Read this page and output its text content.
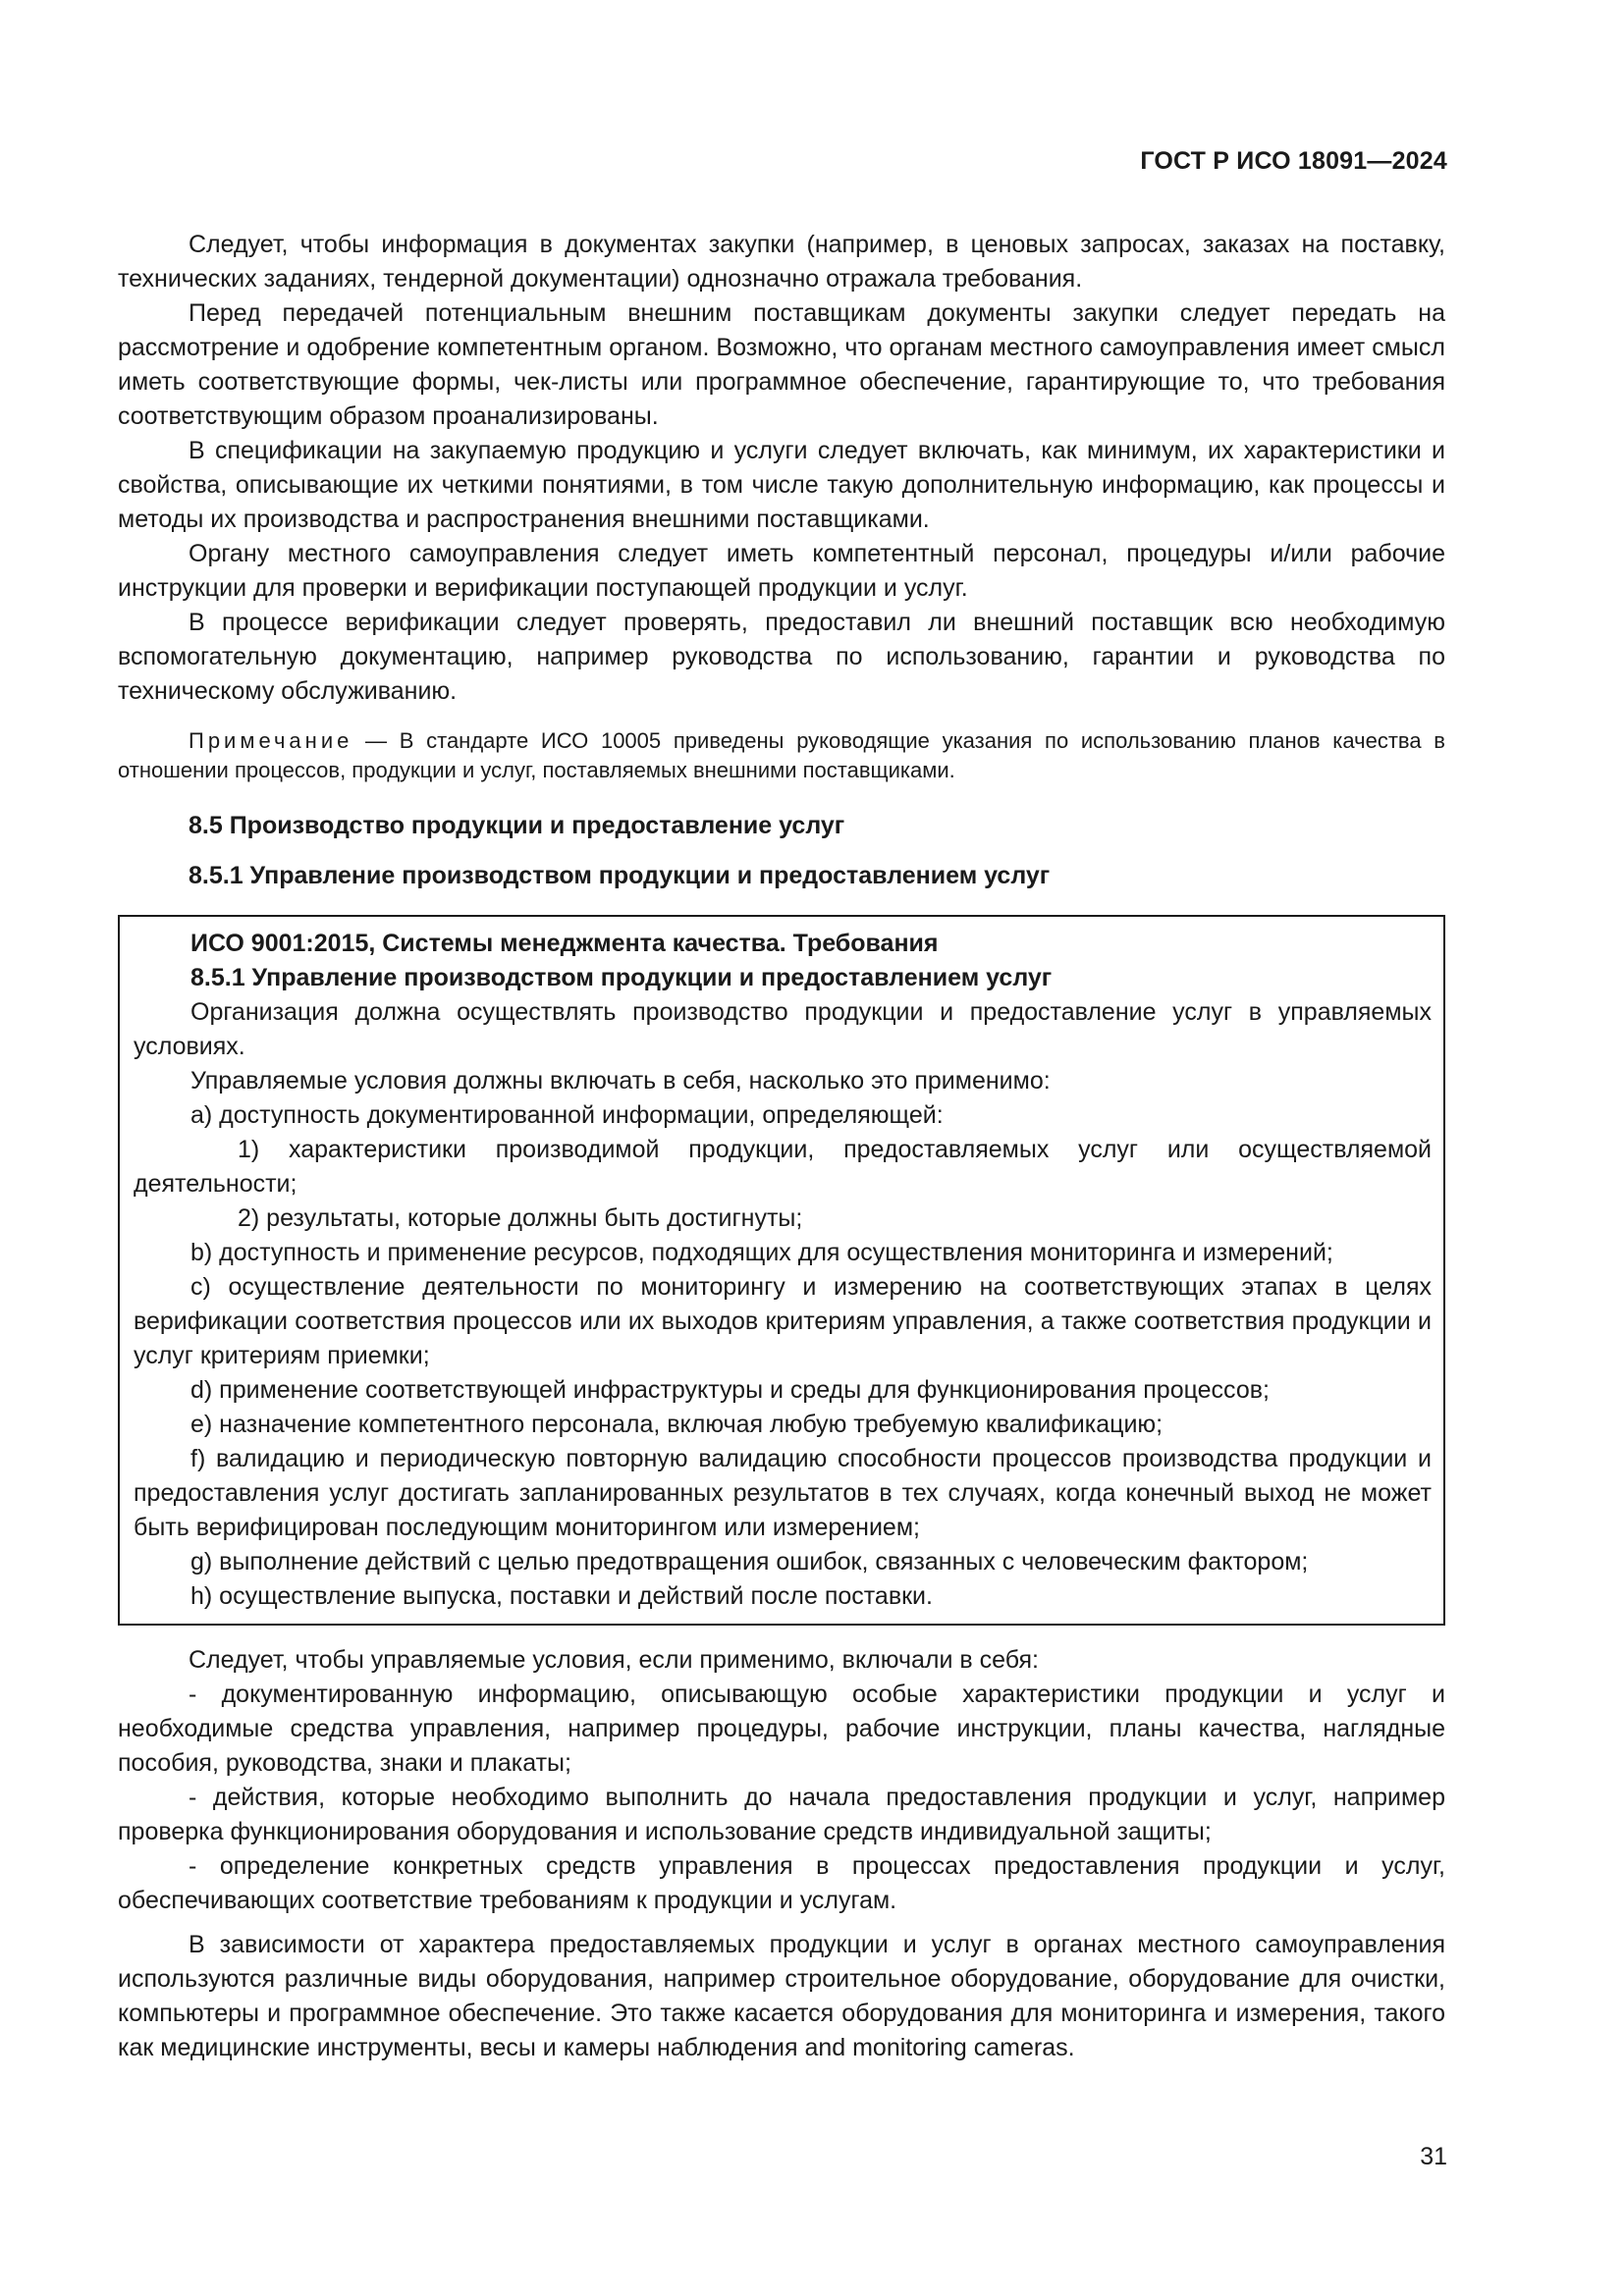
ГОСТ Р ИСО 18091—2024

Следует, чтобы информация в документах закупки (например, в ценовых запросах, заказах на поставку, технических заданиях, тендерной документации) однозначно отражала требования.

Перед передачей потенциальным внешним поставщикам документы закупки следует передать на рассмотрение и одобрение компетентным органом. Возможно, что органам местного самоуправления имеет смысл иметь соответствующие формы, чек-листы или программное обеспечение, гарантирующие то, что требования соответствующим образом проанализированы.

В спецификации на закупаемую продукцию и услуги следует включать, как минимум, их характеристики и свойства, описывающие их четкими понятиями, в том числе такую дополнительную информацию, как процессы и методы их производства и распространения внешними поставщиками.

Органу местного самоуправления следует иметь компетентный персонал, процедуры и/или рабочие инструкции для проверки и верификации поступающей продукции и услуг.

В процессе верификации следует проверять, предоставил ли внешний поставщик всю необходимую вспомогательную документацию, например руководства по использованию, гарантии и руководства по техническому обслуживанию.

Примечание — В стандарте ИСО 10005 приведены руководящие указания по использованию планов качества в отношении процессов, продукции и услуг, поставляемых внешними поставщиками.

8.5 Производство продукции и предоставление услуг

8.5.1 Управление производством продукции и предоставлением услуг

ИСО 9001:2015, Системы менеджмента качества. Требования

8.5.1 Управление производством продукции и предоставлением услуг

Организация должна осуществлять производство продукции и предоставление услуг в управляемых условиях.

Управляемые условия должны включать в себя, насколько это применимо:

a) доступность документированной информации, определяющей:

1) характеристики производимой продукции, предоставляемых услуг или осуществляемой деятельности;

2) результаты, которые должны быть достигнуты;

b) доступность и применение ресурсов, подходящих для осуществления мониторинга и измерений;

c) осуществление деятельности по мониторингу и измерению на соответствующих этапах в целях верификации соответствия процессов или их выходов критериям управления, а также соответствия продукции и услуг критериям приемки;

d) применение соответствующей инфраструктуры и среды для функционирования процессов;

e) назначение компетентного персонала, включая любую требуемую квалификацию;

f) валидацию и периодическую повторную валидацию способности процессов производства продукции и предоставления услуг достигать запланированных результатов в тех случаях, когда конечный выход не может быть верифицирован последующим мониторингом или измерением;

g) выполнение действий с целью предотвращения ошибок, связанных с человеческим фактором;

h) осуществление выпуска, поставки и действий после поставки.

Следует, чтобы управляемые условия, если применимо, включали в себя:

- документированную информацию, описывающую особые характеристики продукции и услуг и необходимые средства управления, например процедуры, рабочие инструкции, планы качества, наглядные пособия, руководства, знаки и плакаты;

- действия, которые необходимо выполнить до начала предоставления продукции и услуг, например проверка функционирования оборудования и использование средств индивидуальной защиты;

- определение конкретных средств управления в процессах предоставления продукции и услуг, обеспечивающих соответствие требованиям к продукции и услугам.

В зависимости от характера предоставляемых продукции и услуг в органах местного самоуправления используются различные виды оборудования, например строительное оборудование, оборудование для очистки, компьютеры и программное обеспечение. Это также касается оборудования для мониторинга и измерения, такого как медицинские инструменты, весы и камеры наблюдения and monitoring cameras.

31
